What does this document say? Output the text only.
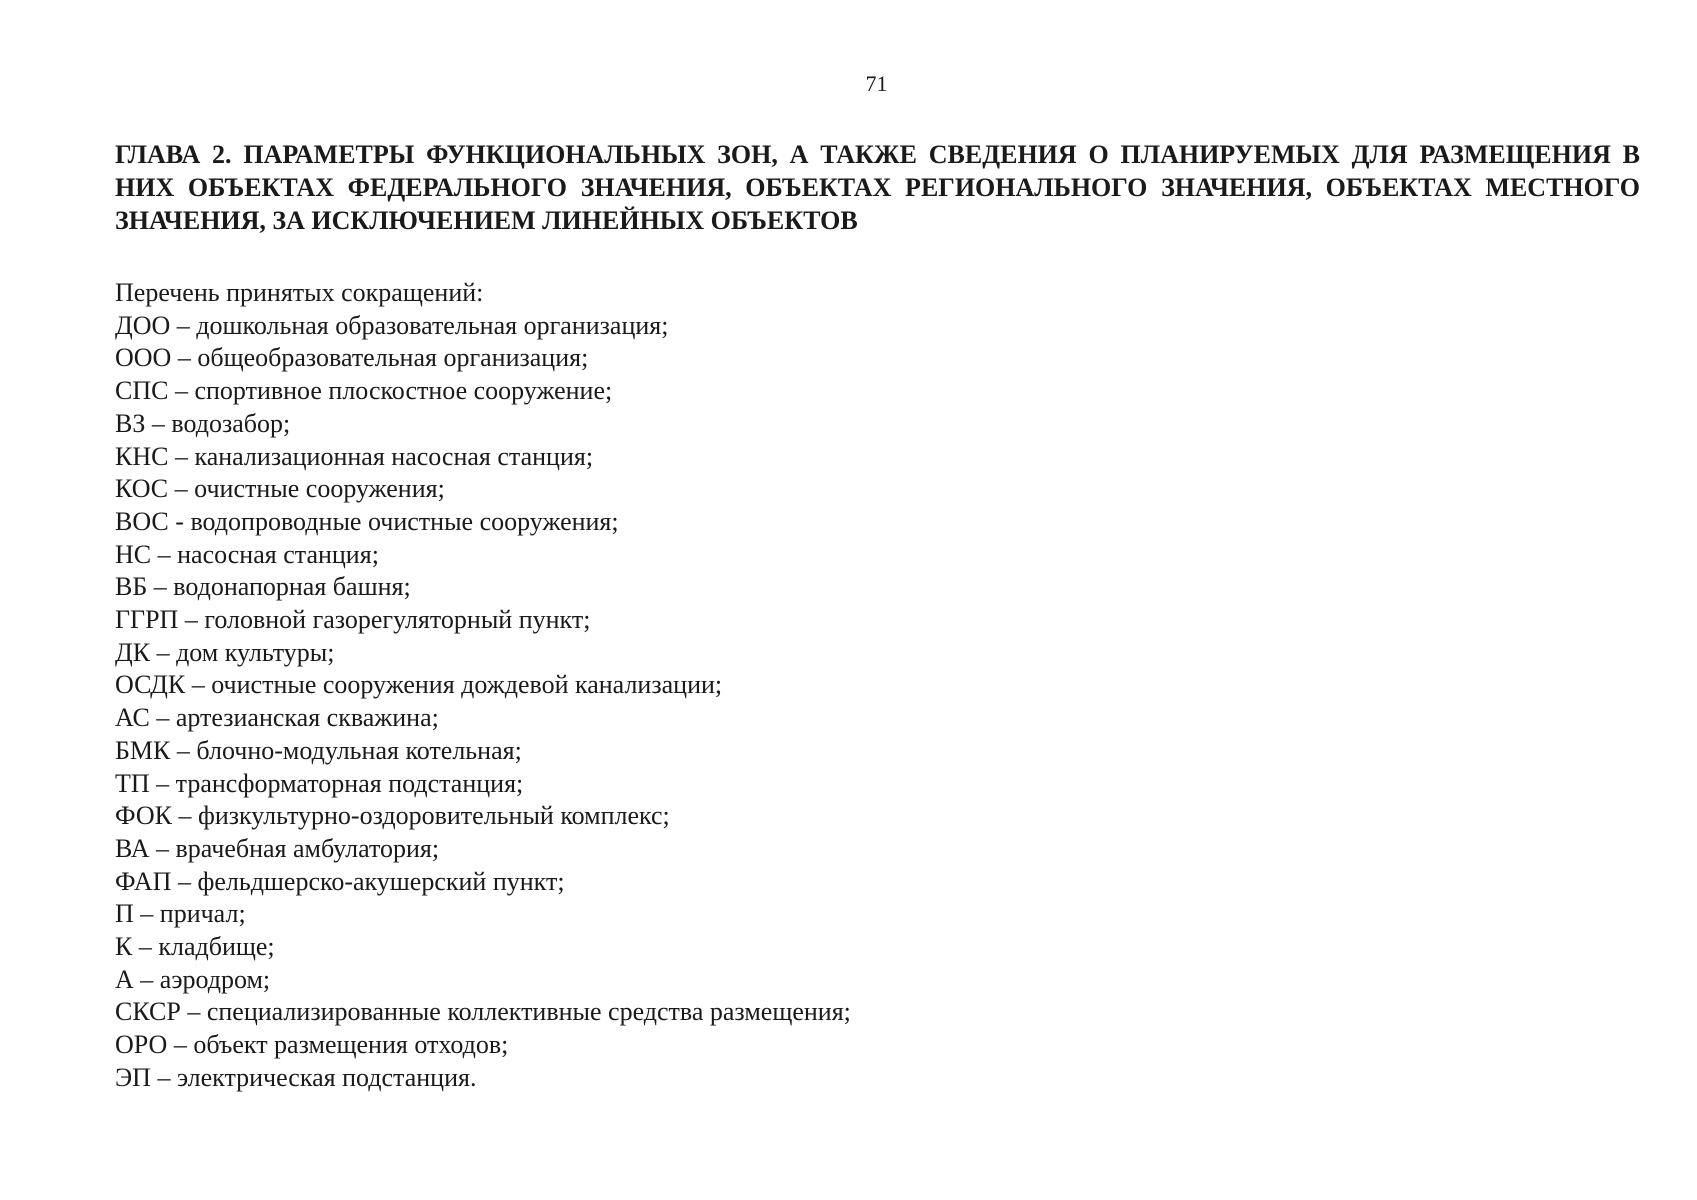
71
ГЛАВА 2. ПАРАМЕТРЫ ФУНКЦИОНАЛЬНЫХ ЗОН, А ТАКЖЕ СВЕДЕНИЯ О ПЛАНИРУЕМЫХ ДЛЯ РАЗМЕЩЕНИЯ В НИХ ОБЪЕКТАХ ФЕДЕРАЛЬНОГО ЗНАЧЕНИЯ, ОБЪЕКТАХ РЕГИОНАЛЬНОГО ЗНАЧЕНИЯ, ОБЪЕКТАХ МЕСТНОГО ЗНАЧЕНИЯ, ЗА ИСКЛЮЧЕНИЕМ ЛИНЕЙНЫХ ОБЪЕКТОВ

Перечень принятых сокращений:

ДОО – дошкольная образовательная организация;
ООО – общеобразовательная организация;
СПС – спортивное плоскостное сооружение;
ВЗ – водозабор;
КНС – канализационная насосная станция;
КОС – очистные сооружения;
ВОС - водопроводные очистные сооружения;
НС – насосная станция;
ВБ – водонапорная башня;
ГГРП – головной газорегуляторный пункт;
ДК – дом культуры;
ОСДК – очистные сооружения дождевой канализации;
АС – артезианская скважина;
БМК – блочно-модульная котельная;
ТП – трансформаторная подстанция;
ФОК – физкультурно-оздоровительный комплекс;
ВА – врачебная амбулатория;
ФАП – фельдшерско-акушерский пункт;
П – причал;
К – кладбище;
А – аэродром;
СКСР – специализированные коллективные средства размещения;
ОРО – объект размещения отходов;
ЭП – электрическая подстанция.
